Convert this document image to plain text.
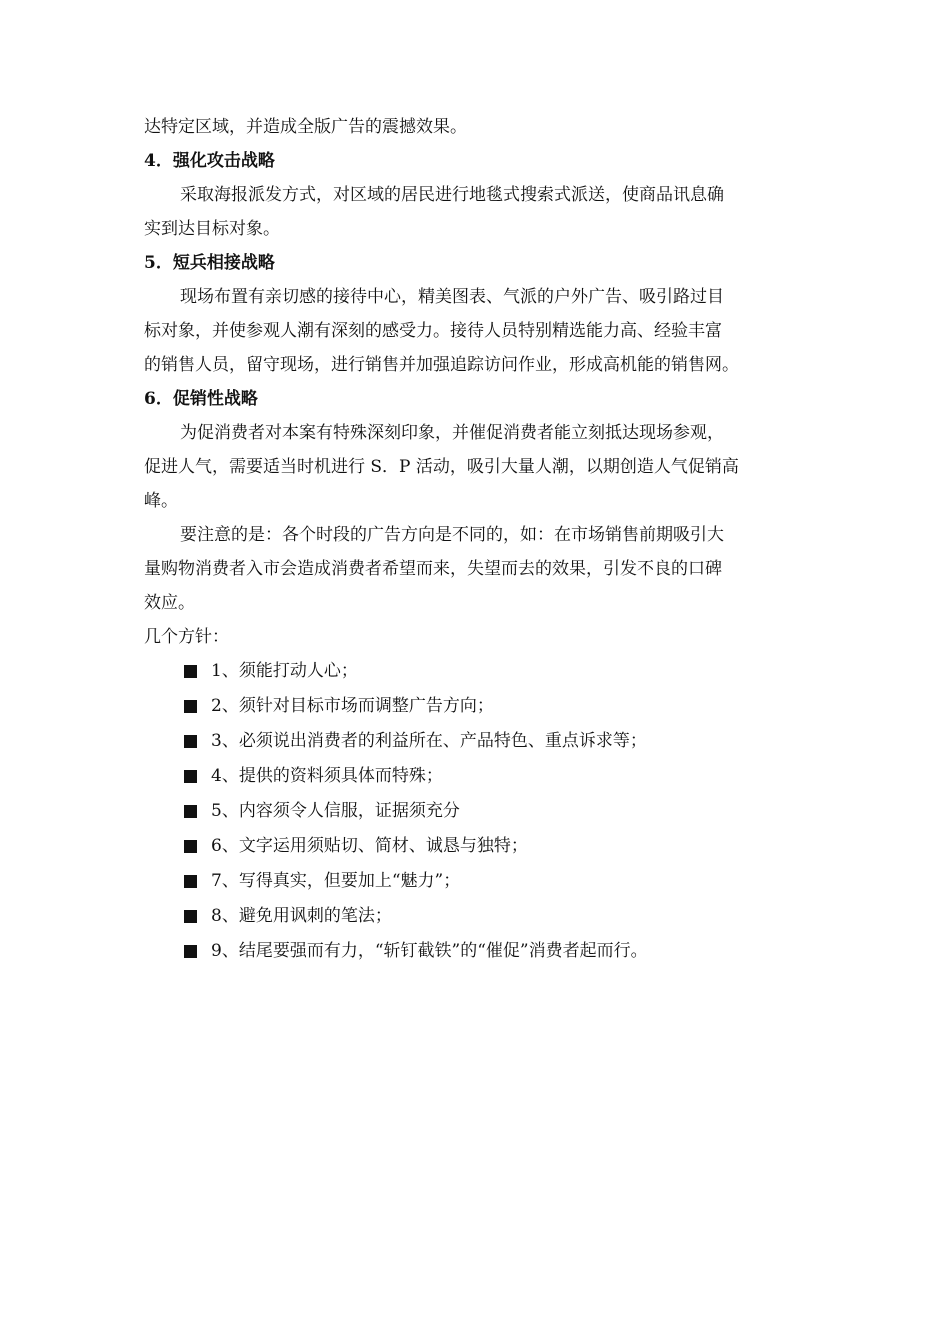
达特定区域，并造成全版广告的震撼效果。
4．强化攻击战略
采取海报派发方式，对区域的居民进行地毯式搜索式派送，使商品讯息确
实到达目标对象。
5．短兵相接战略
现场布置有亲切感的接待中心，精美图表、气派的户外广告、吸引路过目
标对象，并使参观人潮有深刻的感受力。接待人员特别精选能力高、经验丰富
的销售人员，留守现场，进行销售并加强追踪访问作业，形成高机能的销售网。
6．促销性战略
为促消费者对本案有特殊深刻印象，并催促消费者能立刻抵达现场参观，
促进人气，需要适当时机进行 S．P 活动，吸引大量人潮，以期创造人气促销高
峰。
要注意的是：各个时段的广告方向是不同的，如：在市场销售前期吸引大
量购物消费者入市会造成消费者希望而来，失望而去的效果，引发不良的口碑
效应。
几个方针：
1、须能打动人心；
2、须针对目标市场而调整广告方向；
3、必须说出消费者的利益所在、产品特色、重点诉求等；
4、提供的资料须具体而特殊；
5、内容须令人信服，证据须充分
6、文字运用须贴切、简材、诚恳与独特；
7、写得真实，但要加上“魅力”；
8、避免用讽刺的笔法；
9、结尾要强而有力，“斩钉截铁”的“催促”消费者起而行。
